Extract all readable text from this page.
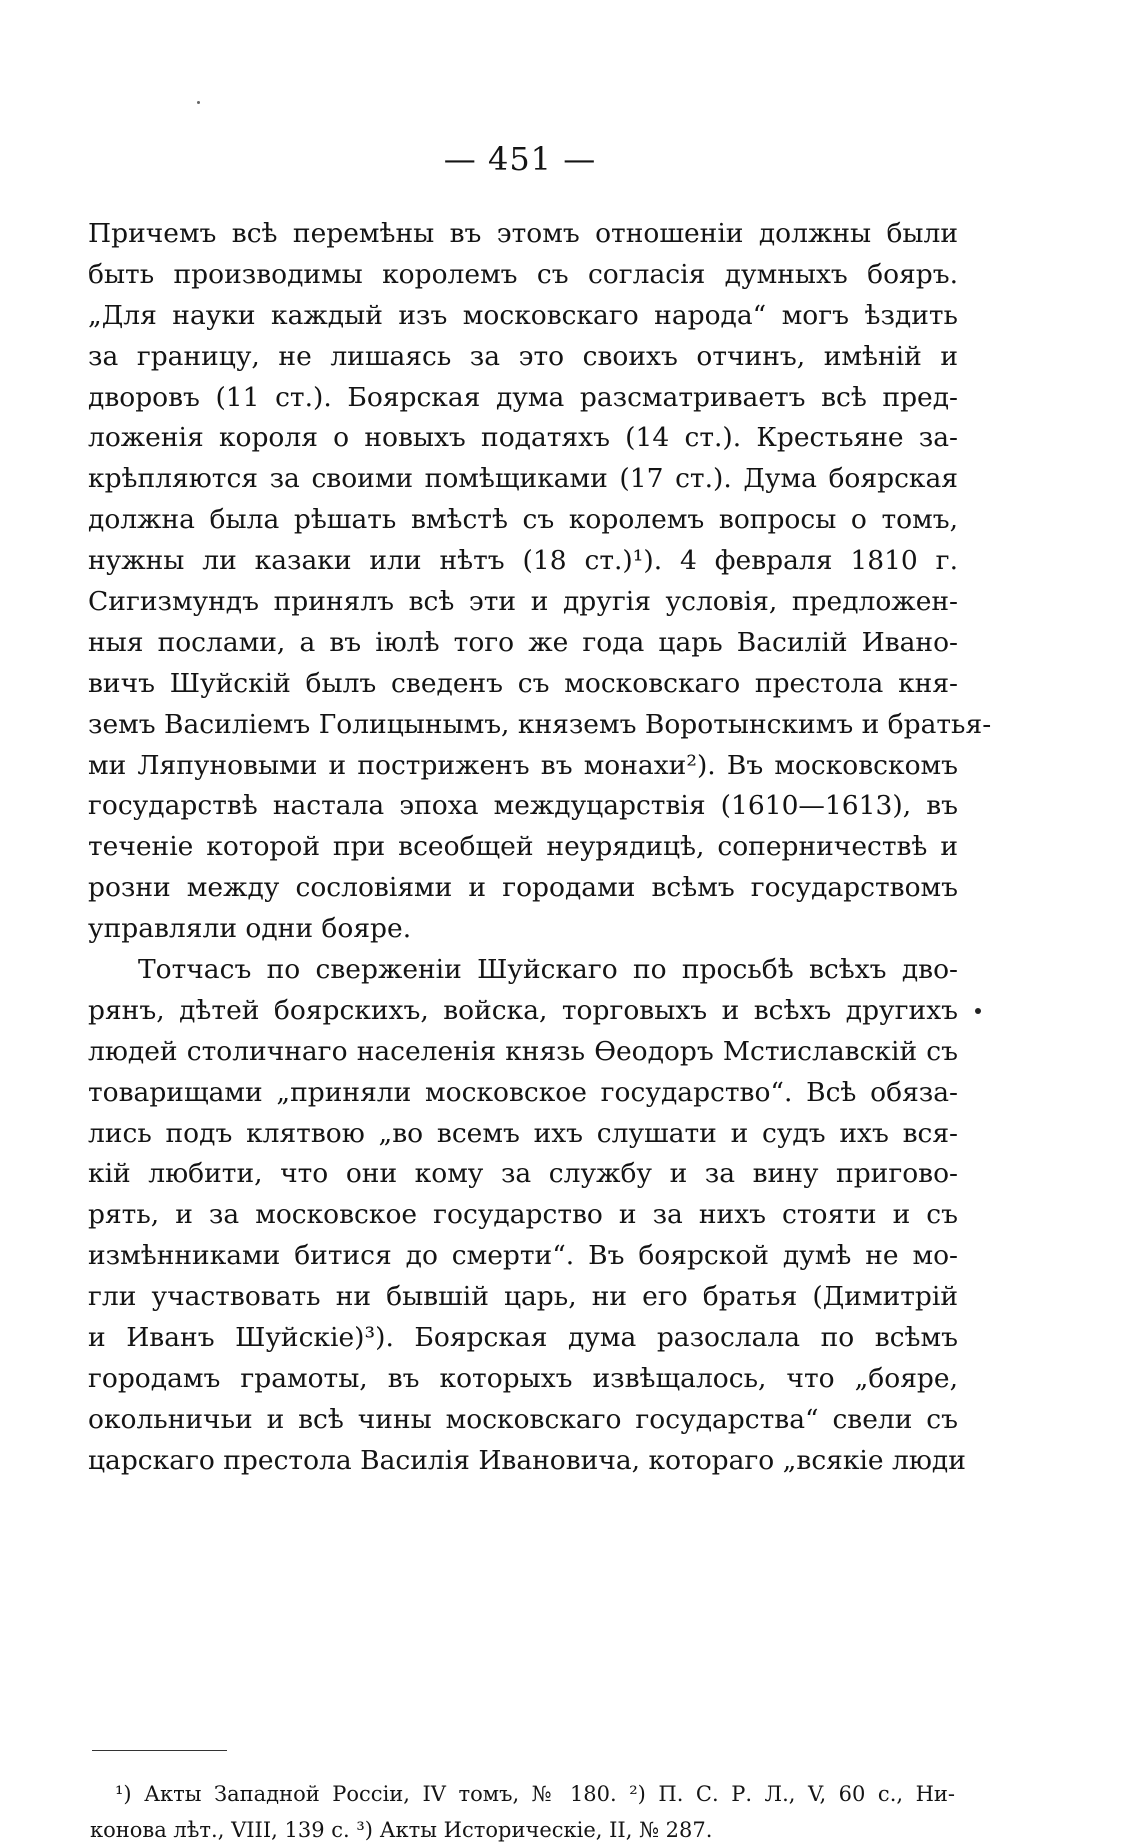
— 451 —
Причемъ всѣ перемѣны въ этомъ отношеніи должны были
быть производимы королемъ съ согласія думныхъ бояръ.
„Для науки каждый изъ московскаго народа“ могъ ѣздить
за границу, не лишаясь за это своихъ отчинъ, имѣній и
дворовъ (11 ст.). Боярская дума разсматриваетъ всѣ пред-
ложенія короля о новыхъ податяхъ (14 ст.). Крестьяне за-
крѣпляются за своими помѣщиками (17 ст.). Дума боярская
должна была рѣшать вмѣстѣ съ королемъ вопросы о томъ,
нужны ли казаки или нѣтъ (18 ст.)¹). 4 февраля 1810 г.
Сигизмундъ принялъ всѣ эти и другія условія, предложен-
ныя послами, а въ іюлѣ того же года царь Василій Ивано-
вичъ Шуйскій былъ сведенъ съ московскаго престола кня-
земъ Василіемъ Голицынымъ, княземъ Воротынскимъ и братья-
ми Ляпуновыми и постриженъ въ монахи²). Въ московскомъ
государствѣ настала эпоха междуцарствія (1610—1613), въ
теченіе которой при всеобщей неурядицѣ, соперничествѣ и
розни между сословіями и городами всѣмъ государствомъ
управляли одни бояре.
Тотчасъ по сверженіи Шуйскаго по просьбѣ всѣхъ дво-
рянъ, дѣтей боярскихъ, войска, торговыхъ и всѣхъ другихъ
людей столичнаго населенія князь Ѳеодоръ Мстиславскій съ
товарищами „приняли московское государство“. Всѣ обяза-
лись подъ клятвою „во всемъ ихъ слушати и судъ ихъ вся-
кій любити, что они кому за службу и за вину пригово-
рять, и за московское государство и за нихъ стояти и съ
измѣнниками битися до смерти“. Въ боярской думѣ не мо-
гли участвовать ни бывшій царь, ни его братья (Димитрій
и Иванъ Шуйскіе)³). Боярская дума разослала по всѣмъ
городамъ грамоты, въ которыхъ извѣщалось, что „бояре,
окольничьи и всѣ чины московскаго государства“ свели съ
царскаго престола Василія Ивановича, котораго „всякіе люди
¹) Акты Западной Россіи, IV томъ, № 180. ²) П. С. Р. Л., V, 60 с., Ни-
конова лѣт., VIII, 139 с. ³) Акты Историческіе, II, № 287.
